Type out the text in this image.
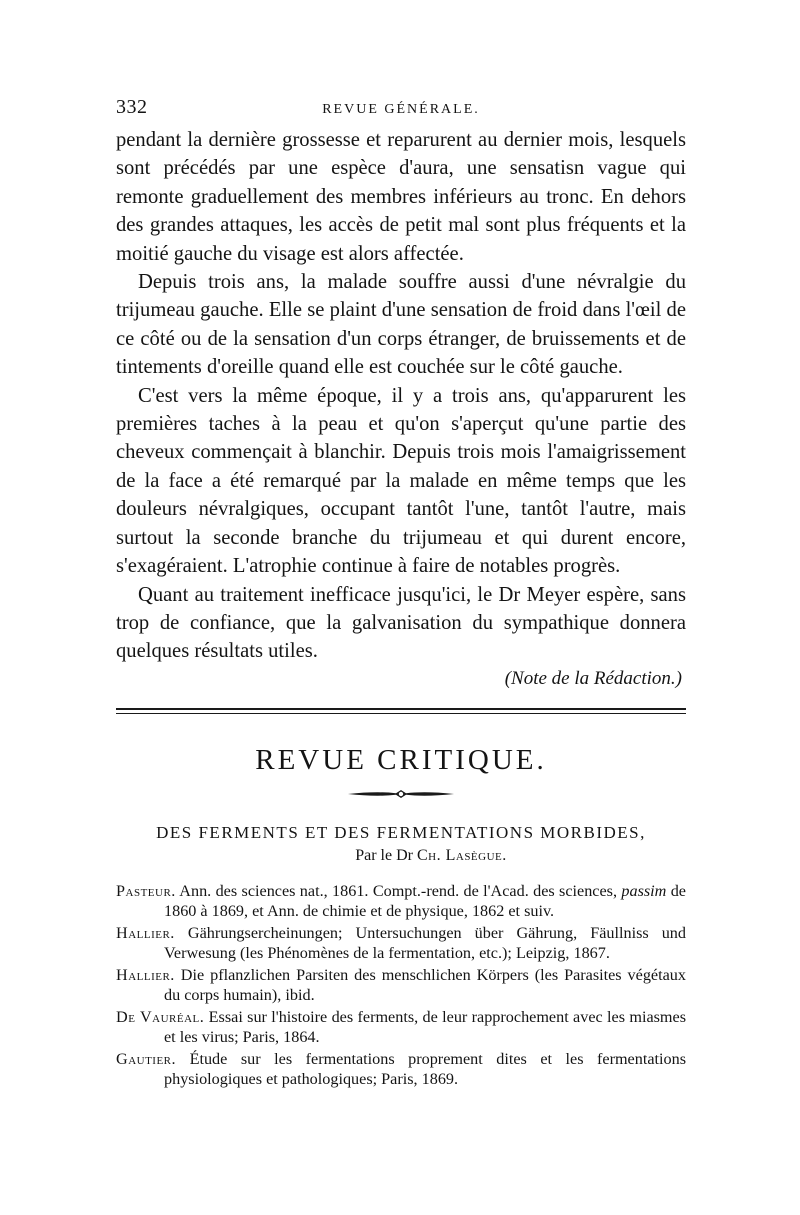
332	REVUE GÉNÉRALE.

pendant la dernière grossesse et reparurent au dernier mois, lesquels sont précédés par une espèce d'aura, une sensatisn vague qui remonte graduellement des membres inférieurs au tronc. En dehors des grandes attaques, les accès de petit mal sont plus fréquents et la moitié gauche du visage est alors affectée.

Depuis trois ans, la malade souffre aussi d'une névralgie du trijumeau gauche. Elle se plaint d'une sensation de froid dans l'œil de ce côté ou de la sensation d'un corps étranger, de bruissements et de tintements d'oreille quand elle est couchée sur le côté gauche.

C'est vers la même époque, il y a trois ans, qu'apparurent les premières taches à la peau et qu'on s'aperçut qu'une partie des cheveux commençait à blanchir. Depuis trois mois l'amaigrissement de la face a été remarqué par la malade en même temps que les douleurs névralgiques, occupant tantôt l'une, tantôt l'autre, mais surtout la seconde branche du trijumeau et qui durent encore, s'exagéraient. L'atrophie continue à faire de notables progrès.

Quant au traitement inefficace jusqu'ici, le Dr Meyer espère, sans trop de confiance, que la galvanisation du sympathique donnera quelques résultats utiles.

(Note de la Rédaction.)
REVUE CRITIQUE.
DES FERMENTS ET DES FERMENTATIONS MORBIDES,
Par le Dr Ch. Lasègue.
Pasteur. Ann. des sciences nat., 1861. Compt.-rend. de l'Acad. des sciences, passim de 1860 à 1869, et Ann. de chimie et de physique, 1862 et suiv.
Hallier. Gährungsercheinungen; Untersuchungen über Gährung, Fäullniss und Verwesung (les Phénomènes de la fermentation, etc.); Leipzig, 1867.
Hallier. Die pflanzlichen Parsiten des menschlichen Körpers (les Parasites végétaux du corps humain), ibid.
De Vauréal. Essai sur l'histoire des ferments, de leur rapprochement avec les miasmes et les virus; Paris, 1864.
Gautier. Étude sur les fermentations proprement dites et les fermentations physiologiques et pathologiques; Paris, 1869.
